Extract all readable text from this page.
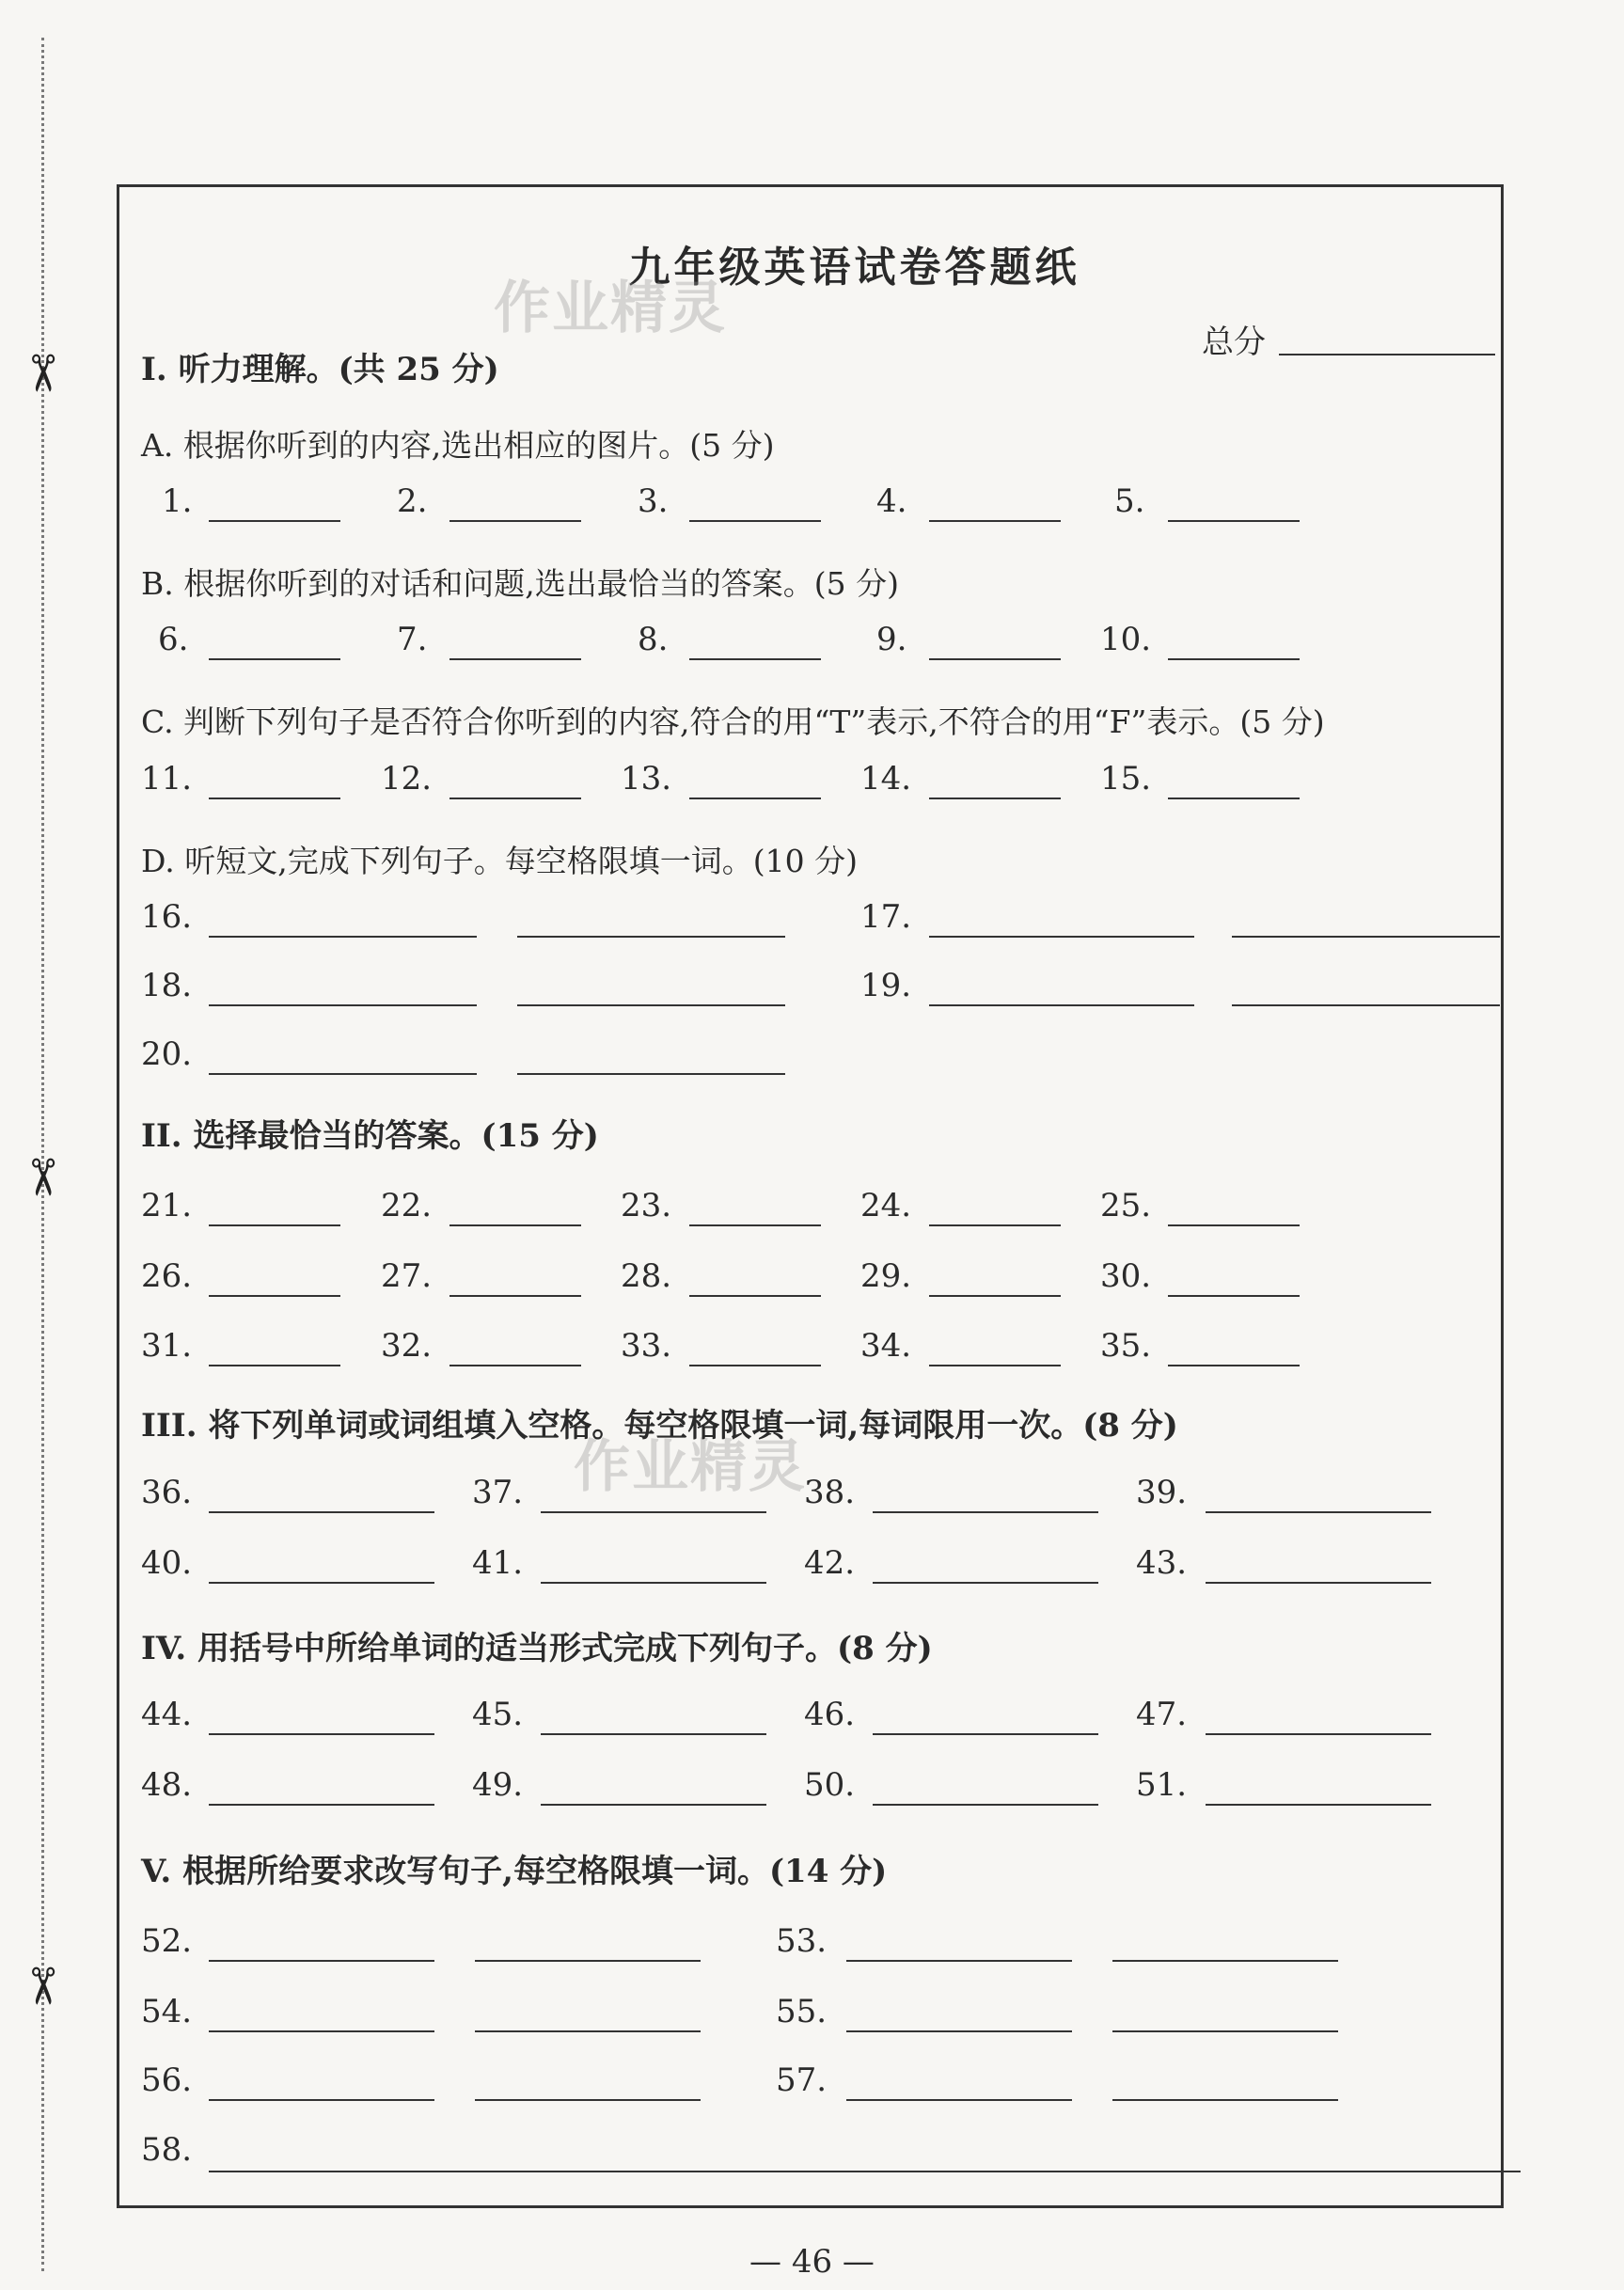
✂
✂
✂
九年级英语试卷答题纸
作业精灵
作业精灵
总分
I. 听力理解。(共 25 分)
A. 根据你听到的内容,选出相应的图片。(5 分)
1.	2.	3.	4.	5.
B. 根据你听到的对话和问题,选出最恰当的答案。(5 分)
6.	7.	8.	9.	10.
C. 判断下列句子是否符合你听到的内容,符合的用“T”表示,不符合的用“F”表示。(5 分)
11.	12.	13.	14.	15.
D. 听短文,完成下列句子。每空格限填一词。(10 分)
16.	17.
18.	19.
20.
II. 选择最恰当的答案。(15 分)
21.	22.	23.	24.	25.
26.	27.	28.	29.	30.
31.	32.	33.	34.	35.
III. 将下列单词或词组填入空格。每空格限填一词,每词限用一次。(8 分)
36.	37.	38.	39.
40.	41.	42.	43.
IV. 用括号中所给单词的适当形式完成下列句子。(8 分)
44.	45.	46.	47.
48.	49.	50.	51.
V. 根据所给要求改写句子,每空格限填一词。(14 分)
52.	53.
54.	55.
56.	57.
58.
— 46 —
